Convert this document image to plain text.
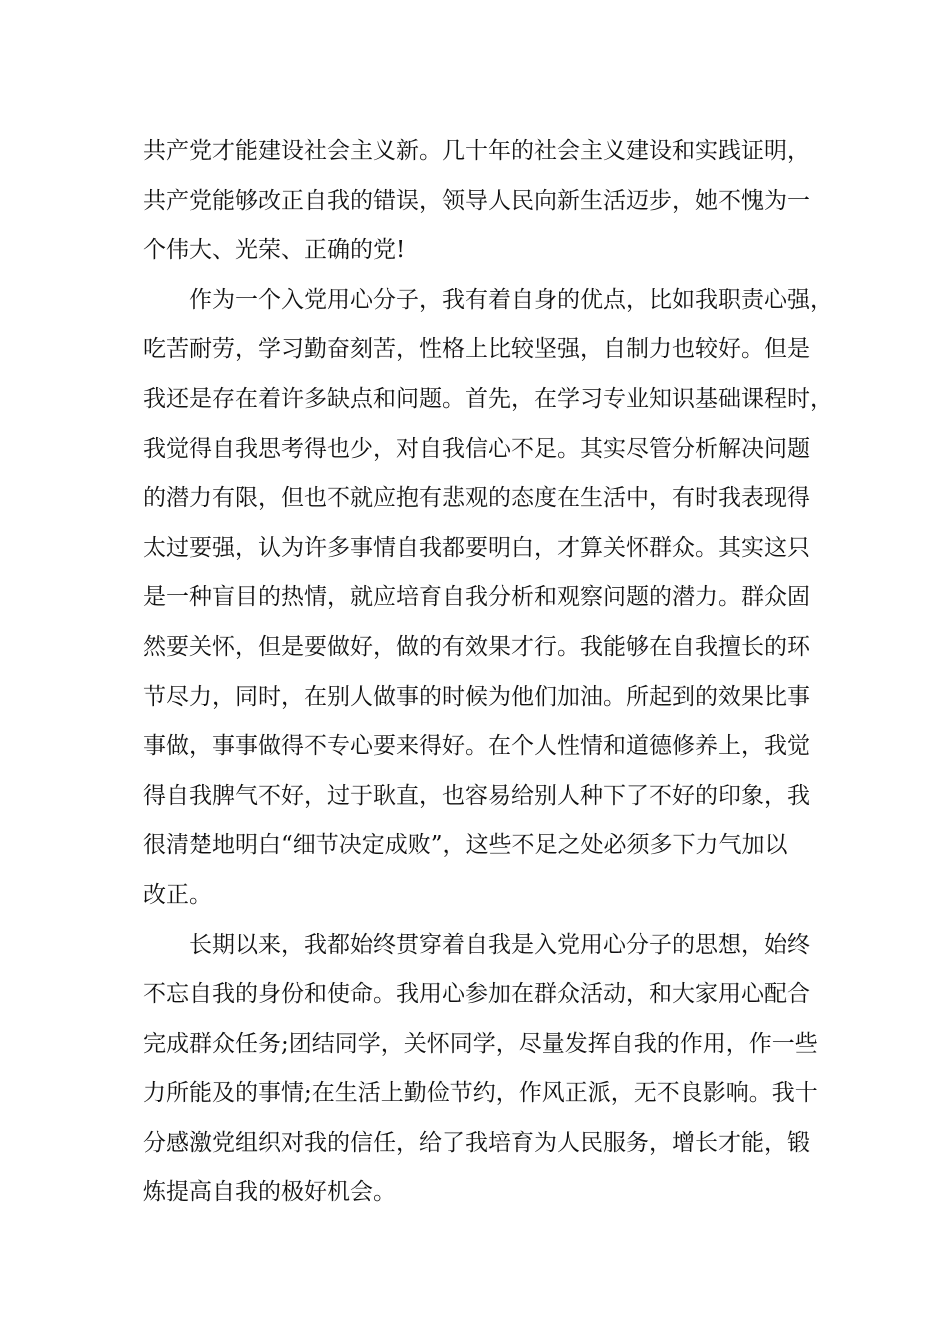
共产党才能建设社会主义新。几十年的社会主义建设和实践证明，
共产党能够改正自我的错误，领导人民向新生活迈步，她不愧为一
个伟大、光荣、正确的党!
作为一个入党用心分子，我有着自身的优点，比如我职责心强，
吃苦耐劳，学习勤奋刻苦，性格上比较坚强，自制力也较好。但是
我还是存在着许多缺点和问题。首先，在学习专业知识基础课程时，
我觉得自我思考得也少，对自我信心不足。其实尽管分析解决问题
的潜力有限，但也不就应抱有悲观的态度在生活中，有时我表现得
太过要强，认为许多事情自我都要明白，才算关怀群众。其实这只
是一种盲目的热情，就应培育自我分析和观察问题的潜力。群众固
然要关怀，但是要做好，做的有效果才行。我能够在自我擅长的环
节尽力，同时，在别人做事的时候为他们加油。所起到的效果比事
事做，事事做得不专心要来得好。在个人性情和道德修养上，我觉
得自我脾气不好，过于耿直，也容易给别人种下了不好的印象，我
很清楚地明白“细节决定成败”，这些不足之处必须多下力气加以
改正。
长期以来，我都始终贯穿着自我是入党用心分子的思想，始终
不忘自我的身份和使命。我用心参加在群众活动，和大家用心配合
完成群众任务;团结同学，关怀同学，尽量发挥自我的作用，作一些
力所能及的事情;在生活上勤俭节约，作风正派，无不良影响。我十
分感激党组织对我的信任，给了我培育为人民服务，增长才能，锻
炼提高自我的极好机会。
